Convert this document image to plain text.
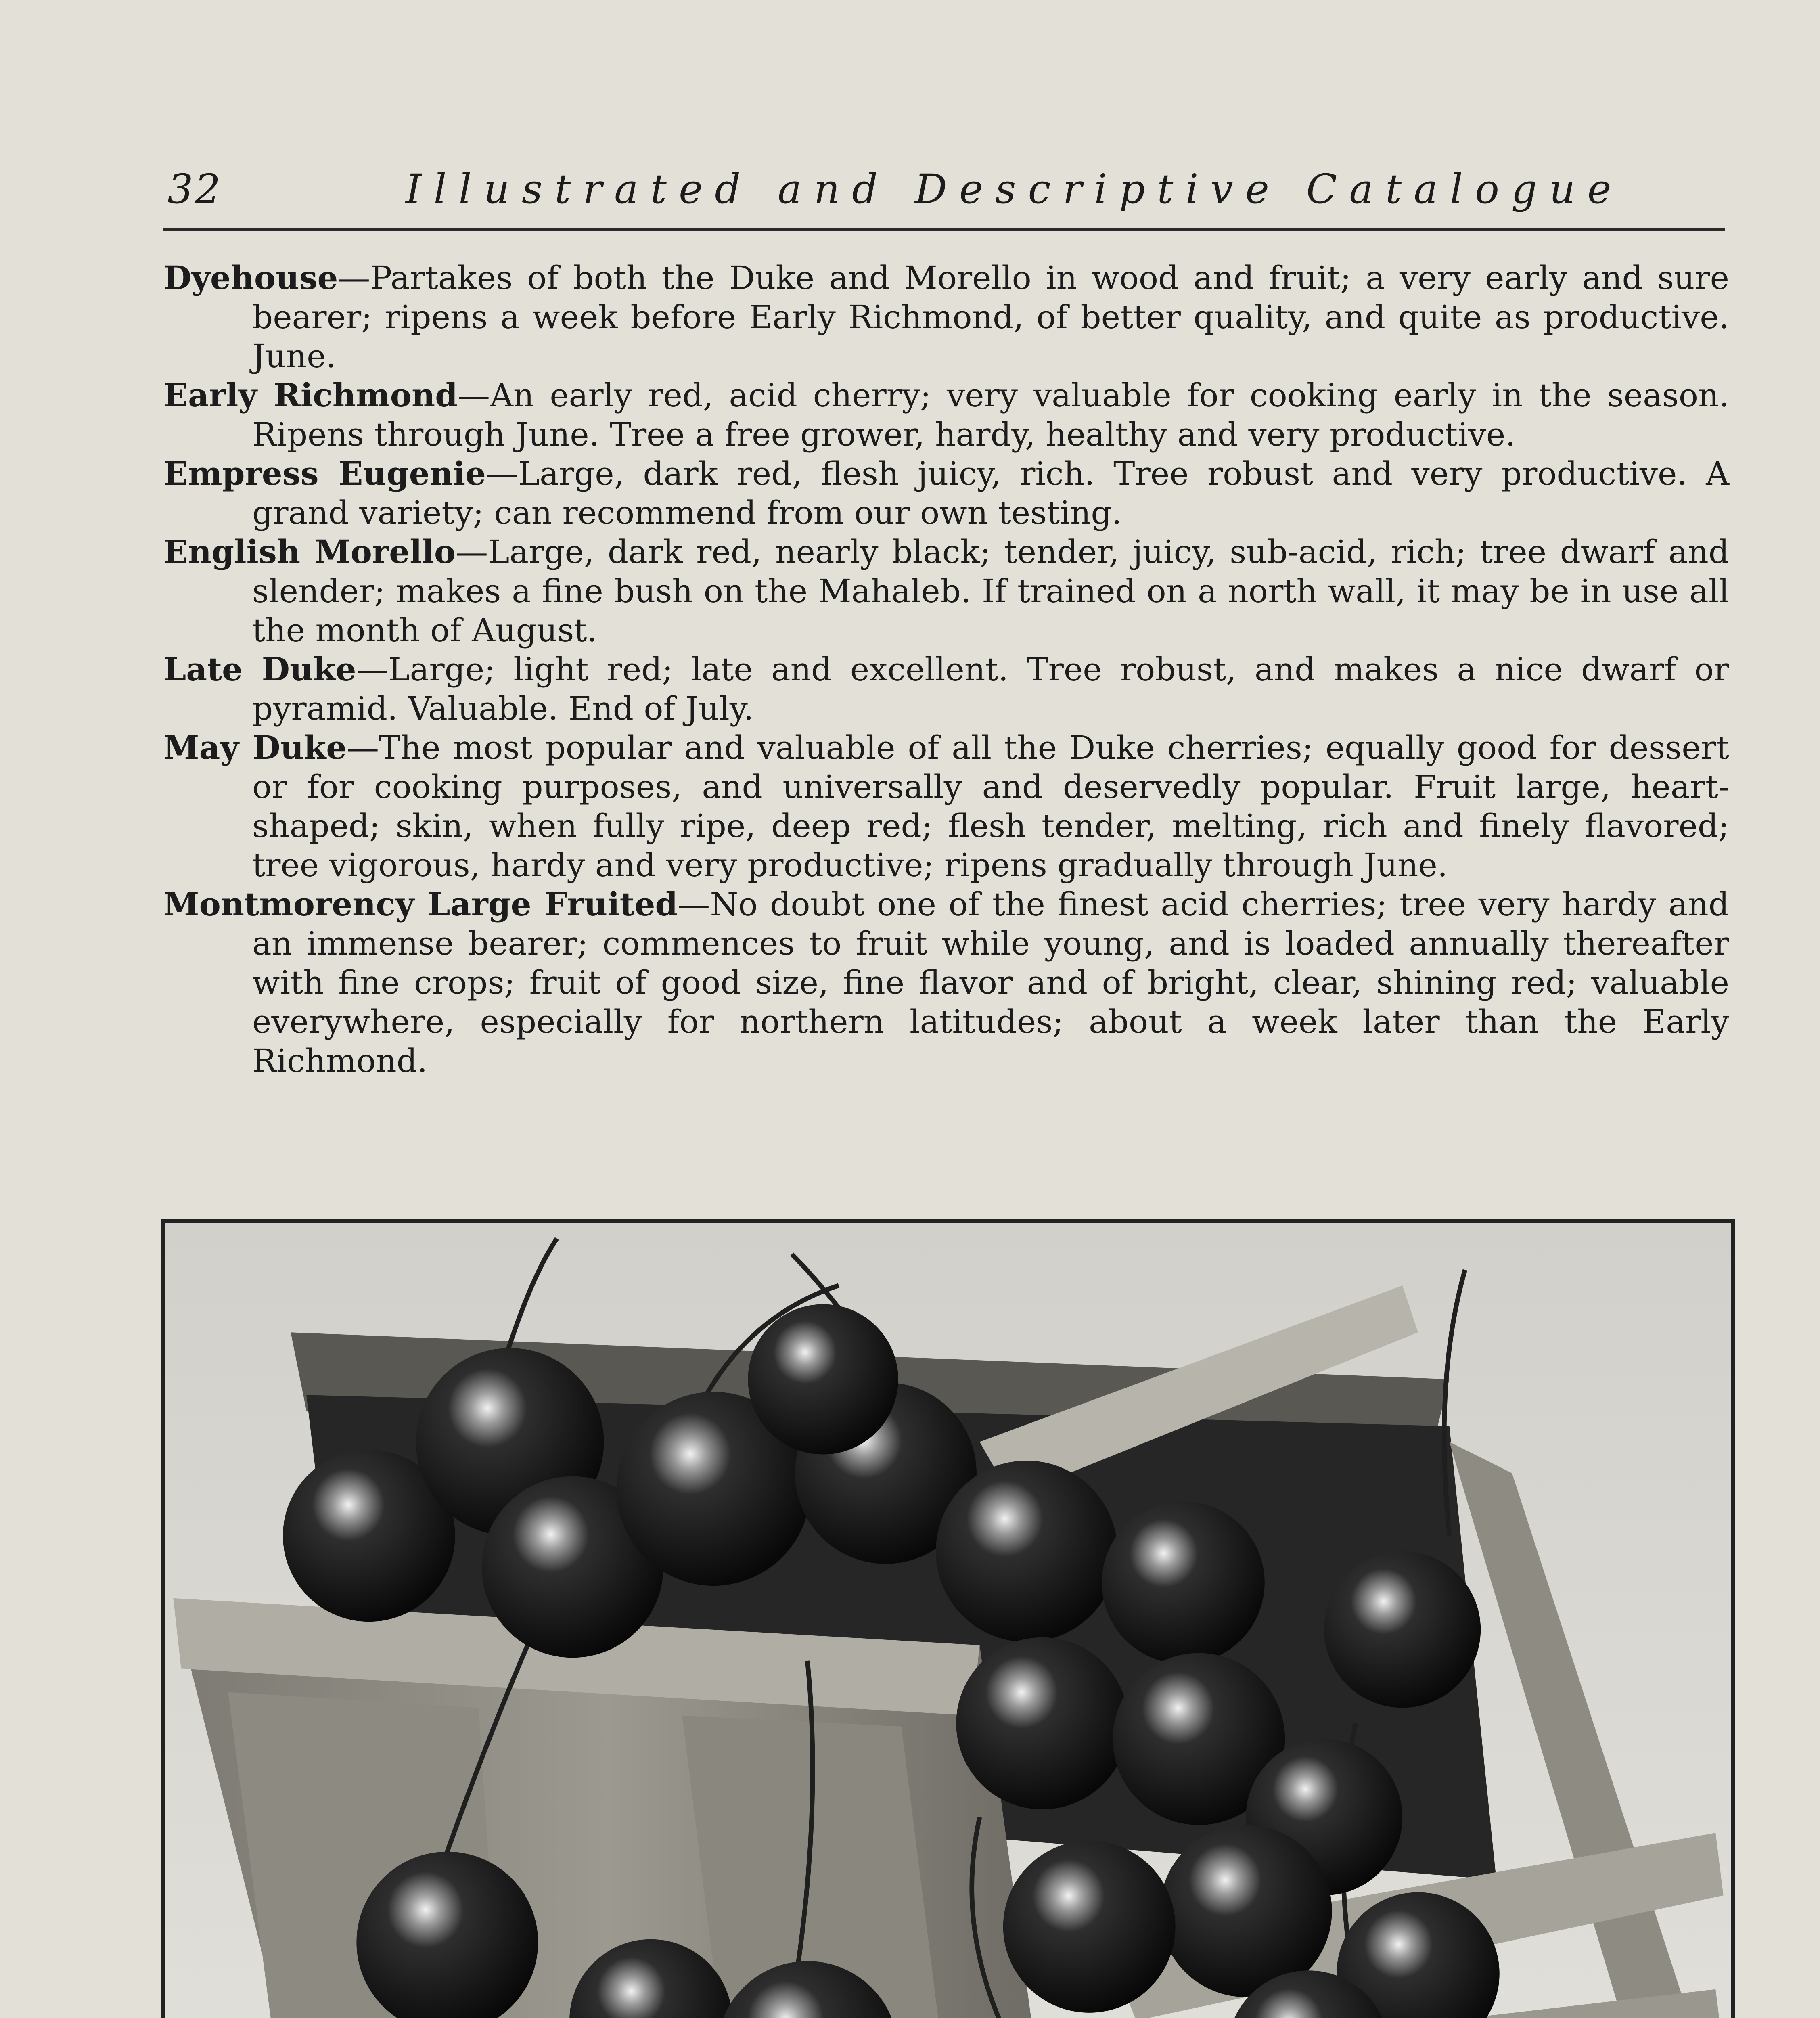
32	Illustrated and Descriptive Catalogue

Dyehouse—Partakes of both the Duke and Morello in wood and fruit; a very early and sure bearer; ripens a week before Early Richmond, of better quality, and quite as productive. June.

Early Richmond—An early red, acid cherry; very valuable for cooking early in the season. Ripens through June. Tree a free grower, hardy, healthy and very productive.

Empress Eugenie—Large, dark red, flesh juicy, rich. Tree robust and very productive. A grand variety; can recommend from our own testing.

English Morello—Large, dark red, nearly black; tender, juicy, sub-acid, rich; tree dwarf and slender; makes a fine bush on the Mahaleb. If trained on a north wall, it may be in use all the month of August.

Late Duke—Large; light red; late and excellent. Tree robust, and makes a nice dwarf or pyramid. Valuable. End of July.

May Duke—The most popular and valuable of all the Duke cherries; equally good for dessert or for cooking purposes, and universally and deservedly popular. Fruit large, heart-shaped; skin, when fully ripe, deep red; flesh tender, melting, rich and finely flavored; tree vigorous, hardy and very productive; ripens gradually through June.

Montmorency Large Fruited—No doubt one of the finest acid cherries; tree very hardy and an immense bearer; commences to fruit while young, and is loaded annually thereafter with fine crops; fruit of good size, fine flavor and of bright, clear, shining red; valuable everywhere, especially for northern latitudes; about a week later than the Early Richmond.
